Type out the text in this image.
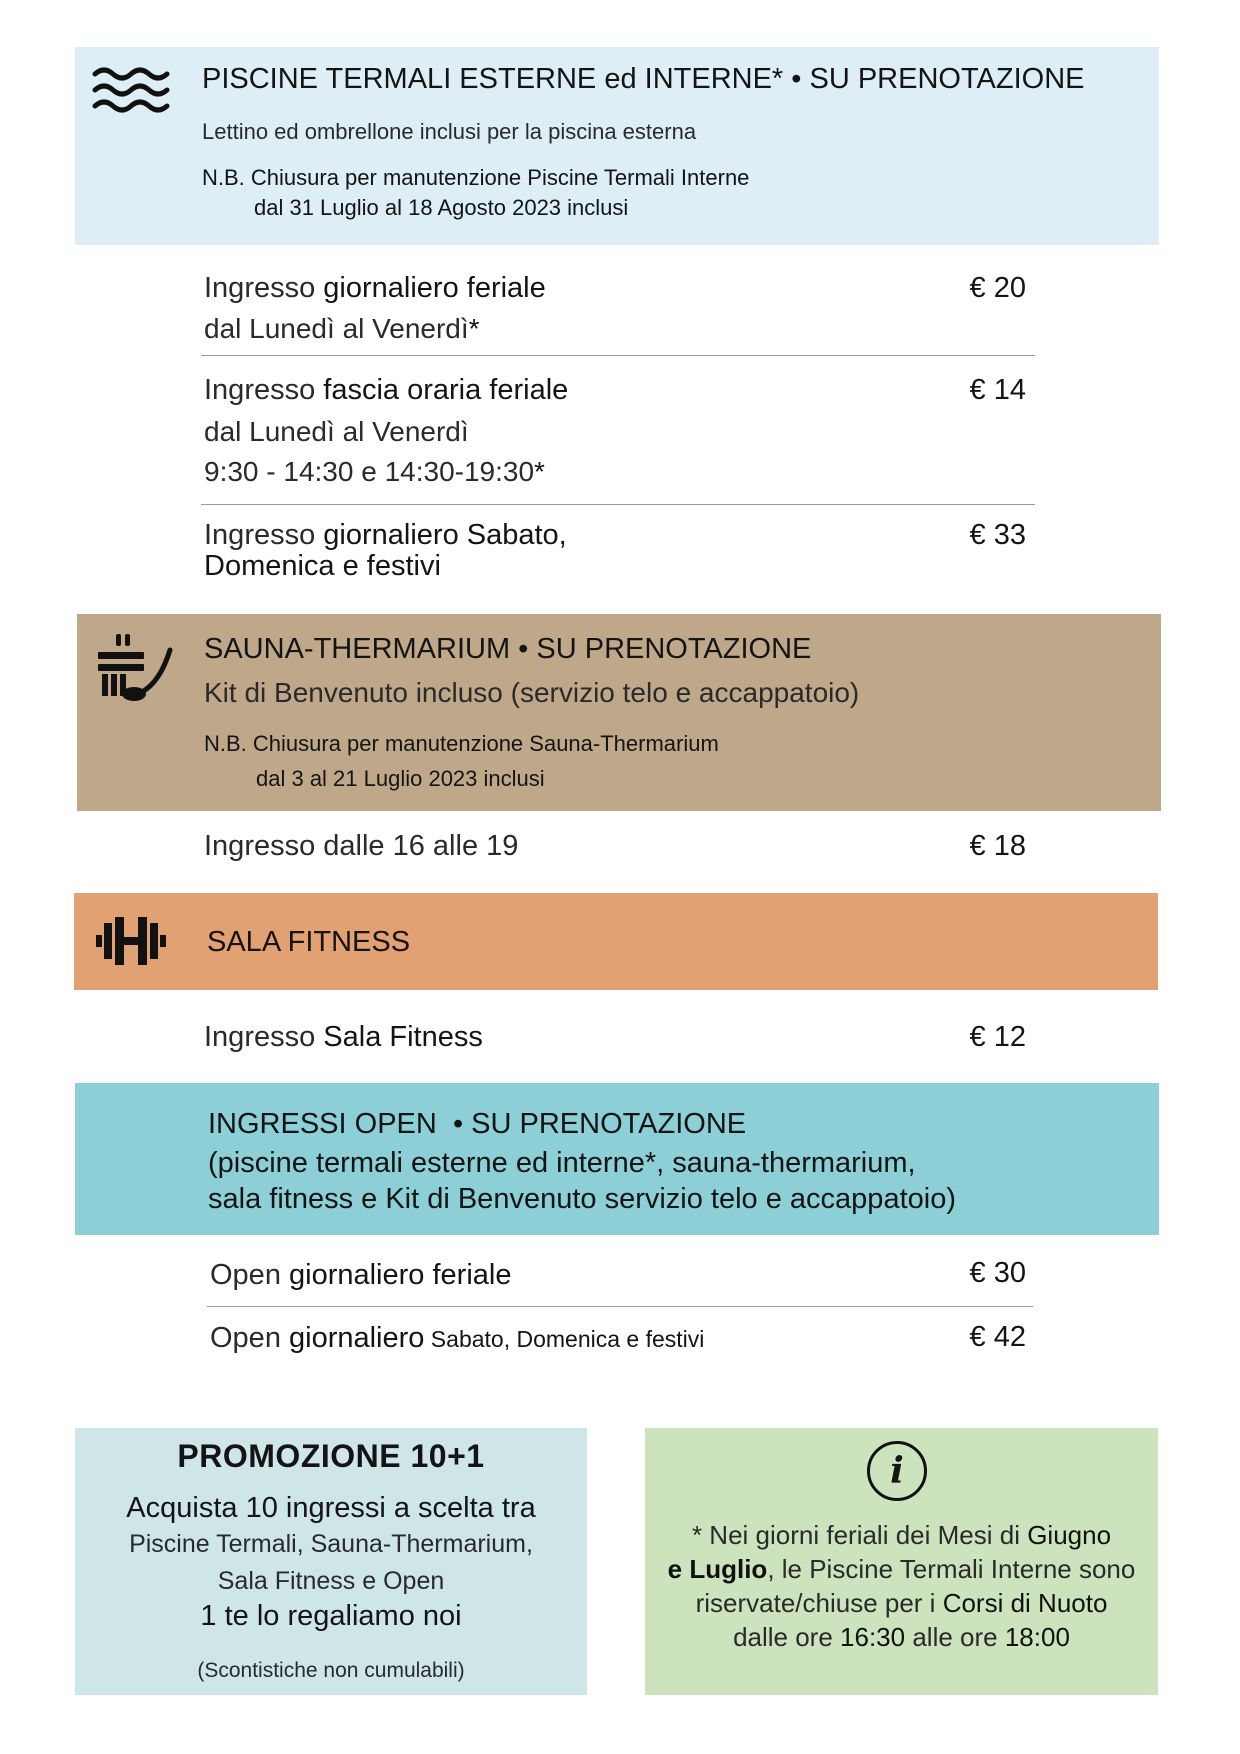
PISCINE TERMALI ESTERNE ed INTERNE* • SU PRENOTAZIONE
Lettino ed ombrellone inclusi per la piscina esterna
N.B. Chiusura per manutenzione Piscine Termali Interne
dal 31 Luglio al 18 Agosto 2023 inclusi
Ingresso giornaliero feriale
dal Lunedì al Venerdì*
€ 20
Ingresso fascia oraria feriale
dal Lunedì al Venerdì
9:30 - 14:30 e 14:30-19:30*
€ 14
Ingresso giornaliero Sabato,
Domenica e festivi
€ 33
SAUNA-THERMARIUM • SU PRENOTAZIONE
Kit di Benvenuto incluso (servizio telo e accappatoio)
N.B. Chiusura per manutenzione Sauna-Thermarium
dal 3 al 21 Luglio 2023 inclusi
Ingresso dalle 16 alle 19	€ 18
SALA FITNESS
Ingresso Sala Fitness	€ 12
INGRESSI OPEN  • SU PRENOTAZIONE
(piscine termali esterne ed interne*, sauna-thermarium,
sala fitness e Kit di Benvenuto servizio telo e accappatoio)
Open giornaliero feriale	€ 30
Open giornaliero Sabato, Domenica e festivi	€ 42
PROMOZIONE 10+1
Acquista 10 ingressi a scelta tra
Piscine Termali, Sauna-Thermarium,
Sala Fitness e Open
1 te lo regaliamo noi
(Scontistiche non cumulabili)
i
* Nei giorni feriali dei Mesi di Giugno
e Luglio, le Piscine Termali Interne sono
riservate/chiuse per i Corsi di Nuoto
dalle ore 16:30 alle ore 18:00
